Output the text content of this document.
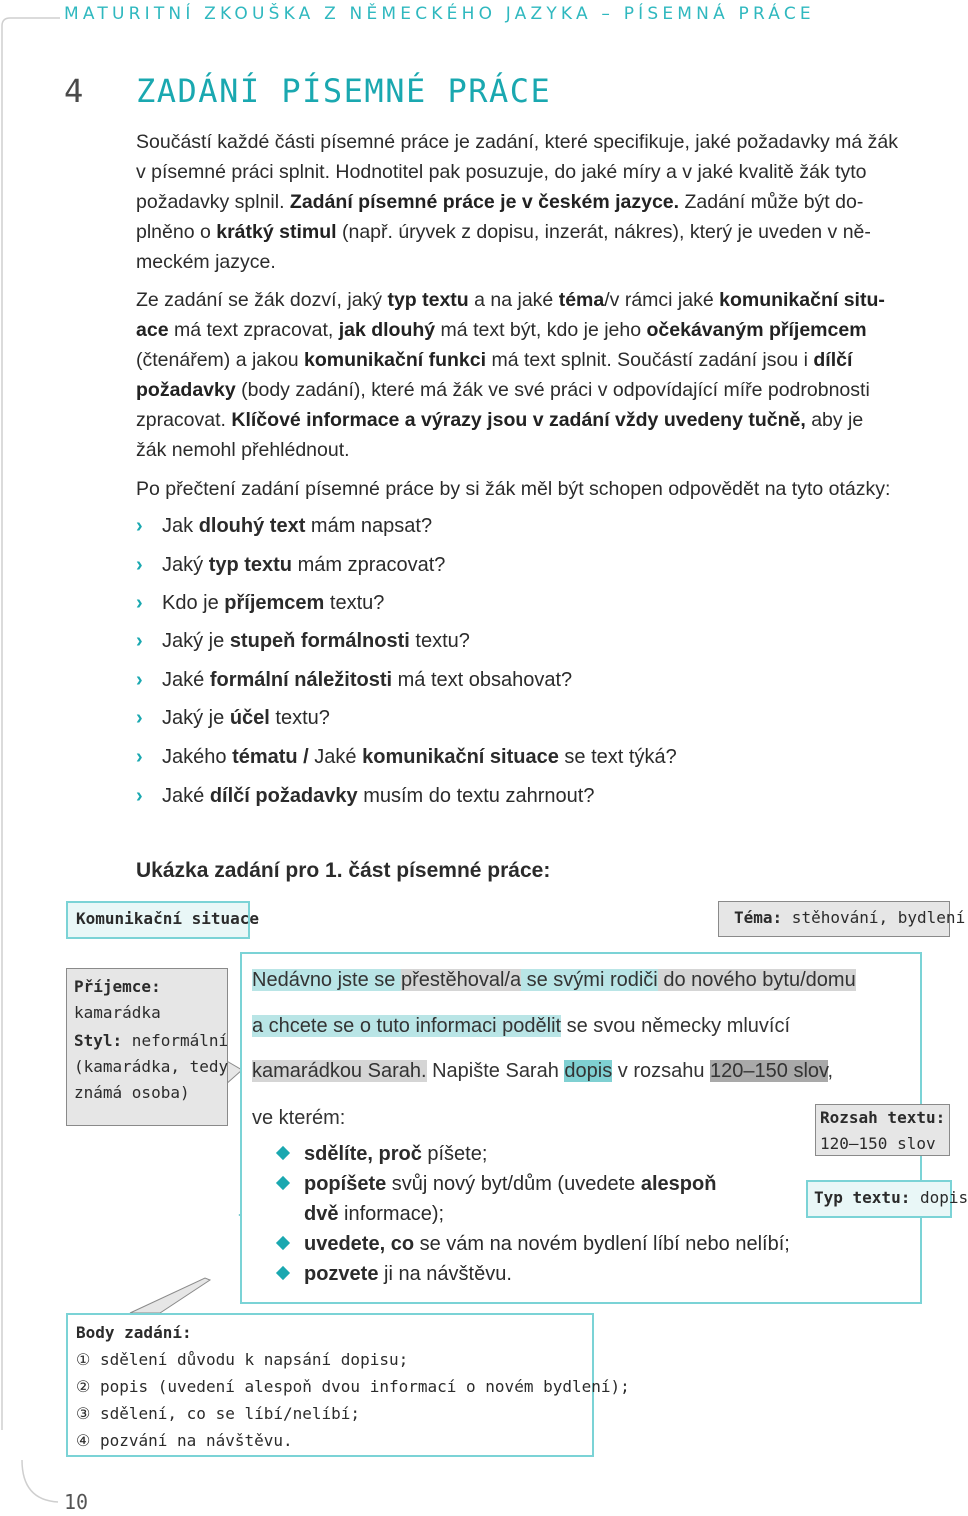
MATURITNÍ ZKOUŠKA Z NĚMECKÉHO JAZYKA – PÍSEMNÁ PRÁCE
4 ZADÁNÍ PÍSEMNÉ PRÁCE
Součástí každé části písemné práce je zadání, které specifikuje, jaké požadavky má žák
v písemné práci splnit. Hodnotitel pak posuzuje, do jaké míry a v jaké kvalitě žák tyto
požadavky splnil. Zadání písemné práce je v českém jazyce. Zadání může být do-
plněno o krátký stimul (např. úryvek z dopisu, inzerát, nákres), který je uveden v ně-
meckém jazyce.
Ze zadání se žák dozví, jaký typ textu a na jaké téma/v rámci jaké komunikační situ-
ace má text zpracovat, jak dlouhý má text být, kdo je jeho očekávaným příjemcem
(čtenářem) a jakou komunikační funkci má text splnit. Součástí zadání jsou i dílčí
požadavky (body zadání), které má žák ve své práci v odpovídající míře podrobnosti
zpracovat. Klíčové informace a výrazy jsou v zadání vždy uvedeny tučně, aby je
žák nemohl přehlédnout.
Po přečtení zadání písemné práce by si žák měl být schopen odpovědět na tyto otázky:
› Jak dlouhý text mám napsat?
› Jaký typ textu mám zpracovat?
› Kdo je příjemcem textu?
› Jaký je stupeň formálnosti textu?
› Jaké formální náležitosti má text obsahovat?
› Jaký je účel textu?
› Jakého tématu / Jaké komunikační situace se text týká?
› Jaké dílčí požadavky musím do textu zahrnout?
Ukázka zadání pro 1. část písemné práce:
Komunikační situace	Téma: stěhování, bydlení
Příjemce:
kamarádka
Styl: neformální
(kamarádka, tedy
známá osoba)
Nedávno jste se přestěhoval/a se svými rodiči do nového bytu/domu
a chcete se o tuto informaci podělit se svou německy mluvící
kamarádkou Sarah. Napište Sarah dopis v rozsahu 120–150 slov,
ve kterém:	Rozsah textu:
120–150 slov
Typ textu: dopis
sdělíte, proč píšete;
popíšete svůj nový byt/dům (uvedete alespoň
dvě informace);
uvedete, co se vám na novém bydlení líbí nebo nelíbí;
pozvete ji na návštěvu.
Body zadání:
① sdělení důvodu k napsání dopisu;
② popis (uvedení alespoň dvou informací o novém bydlení);
③ sdělení, co se líbí/nelíbí;
④ pozvání na návštěvu.
10
